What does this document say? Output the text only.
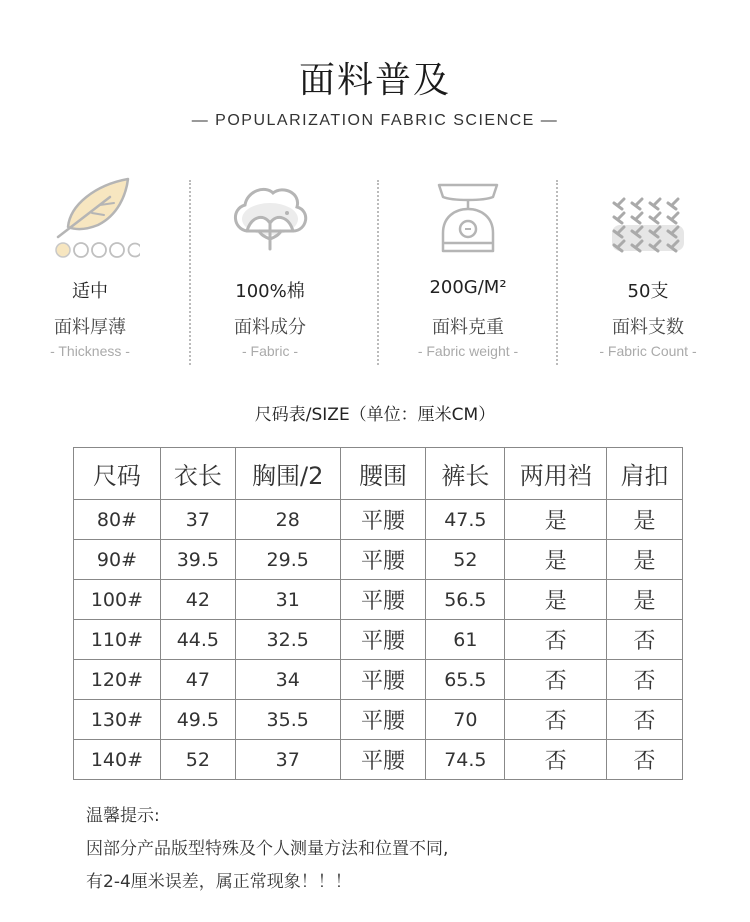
面料普及
— POPULARIZATION FABRIC SCIENCE —
适中
面料厚薄
- Thickness -
100%棉
面料成分
- Fabric -
200G/M²
面料克重
- Fabric weight -
50支
面料支数
- Fabric Count -
尺码表/SIZE（单位：厘米CM）
尺码	衣长	胸围/2	腰围	裤长	两用裆	肩扣
80#	37	28	平腰	47.5	是	是
90#	39.5	29.5	平腰	52	是	是
100#	42	31	平腰	56.5	是	是
110#	44.5	32.5	平腰	61	否	否
120#	47	34	平腰	65.5	否	否
130#	49.5	35.5	平腰	70	否	否
140#	52	37	平腰	74.5	否	否
温馨提示:
因部分产品版型特殊及个人测量方法和位置不同,
有2-4厘米误差，属正常现象！！！
